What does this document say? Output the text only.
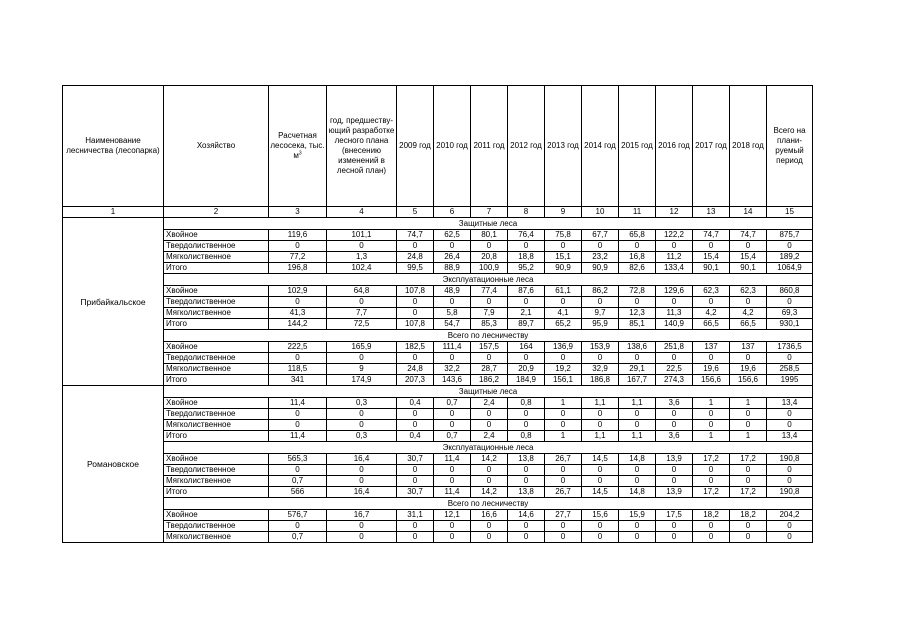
Наименование лесничества (лесопарка)	Хозяйство	Расчетная лесосека, тыс. $м^3$	год, предшеству-ющий разработке лесного плана (внесению изменений в лесной план)	2009 год	2010 год	2011 год	2012 год	2013 год	2014 год	2015 год	2016 год	2017 год	2018 год	Всего на плани-руемый период
1	2	3	4	5	6	7	8	9	10	11	12	13	14	15
Прибайкальское	Защитные леса													
	Хвойное	119,6	101,1	74,7	62,5	80,1	76,4	75,8	67,7	65,8	122,2	74,7	74,7	875,7
	Твердолиственное	0	0	0	0	0	0	0	0	0	0	0	0	0
	Мягколиственное	77,2	1,3	24,8	26,4	20,8	18,8	15,1	23,2	16,8	11,2	15,4	15,4	189,2
	Итого	196,8	102,4	99,5	88,9	100,9	95,2	90,9	90,9	82,6	133,4	90,1	90,1	1064,9
	Эксплуатационные леса													
	Хвойное	102,9	64,8	107,8	48,9	77,4	87,6	61,1	86,2	72,8	129,6	62,3	62,3	860,8
	Твердолиственное	0	0	0	0	0	0	0	0	0	0	0	0	0
	Мягколиственное	41,3	7,7	0	5,8	7,9	2,1	4,1	9,7	12,3	11,3	4,2	4,2	69,3
	Итого	144,2	72,5	107,8	54,7	85,3	89,7	65,2	95,9	85,1	140,9	66,5	66,5	930,1
	Всего по лесничеству													
	Хвойное	222,5	165,9	182,5	111,4	157,5	164	136,9	153,9	138,6	251,8	137	137	1736,5
	Твердолиственное	0	0	0	0	0	0	0	0	0	0	0	0	0
	Мягколиственное	118,5	9	24,8	32,2	28,7	20,9	19,2	32,9	29,1	22,5	19,6	19,6	258,5
	Итого	341	174,9	207,3	143,6	186,2	184,9	156,1	186,8	167,7	274,3	156,6	156,6	1995
Романовское	Защитные леса													
	Хвойное	11,4	0,3	0,4	0,7	2,4	0,8	1	1,1	1,1	3,6	1	1	13,4
	Твердолиственное	0	0	0	0	0	0	0	0	0	0	0	0	0
	Мягколиственное	0	0	0	0	0	0	0	0	0	0	0	0	0
	Итого	11,4	0,3	0,4	0,7	2,4	0,8	1	1,1	1,1	3,6	1	1	13,4
	Эксплуатационные леса													
	Хвойное	565,3	16,4	30,7	11,4	14,2	13,8	26,7	14,5	14,8	13,9	17,2	17,2	190,8
	Твердолиственное	0	0	0	0	0	0	0	0	0	0	0	0	0
	Мягколиственное	0,7	0	0	0	0	0	0	0	0	0	0	0	0
	Итого	566	16,4	30,7	11,4	14,2	13,8	26,7	14,5	14,8	13,9	17,2	17,2	190,8
	Всего по лесничеству													
	Хвойное	576,7	16,7	31,1	12,1	16,6	14,6	27,7	15,6	15,9	17,5	18,2	18,2	204,2
	Твердолиственное	0	0	0	0	0	0	0	0	0	0	0	0	0
	Мягколиственное	0,7	0	0	0	0	0	0	0	0	0	0	0	0
